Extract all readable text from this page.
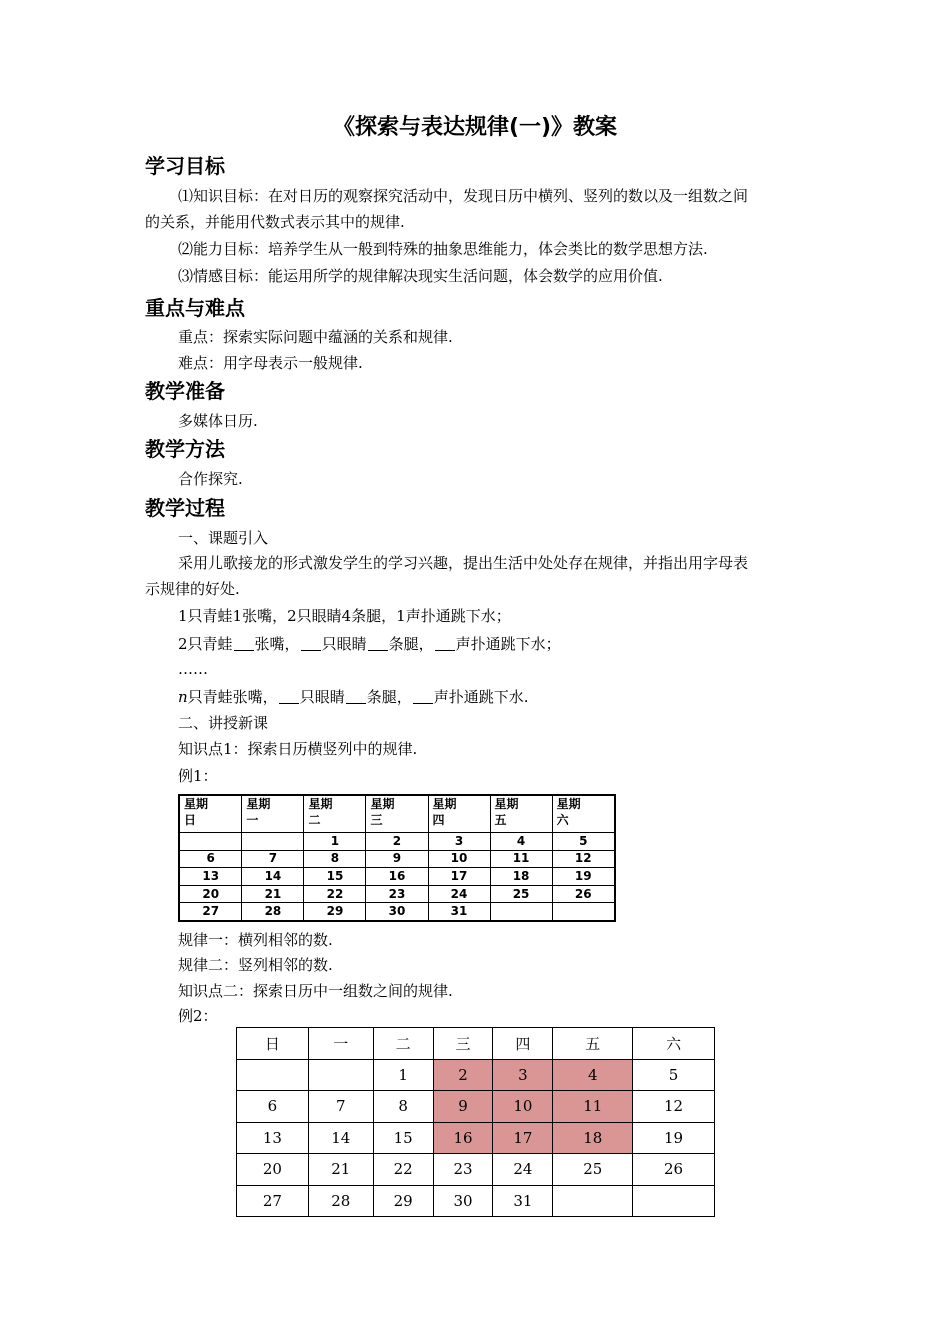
《探索与表达规律(一)》教案
学习目标
⑴知识目标：在对日历的观察探究活动中，发现日历中横列、竖列的数以及一组数之间
的关系，并能用代数式表示其中的规律.
⑵能力目标：培养学生从一般到特殊的抽象思维能力，体会类比的数学思想方法.
⑶情感目标：能运用所学的规律解决现实生活问题，体会数学的应用价值.
重点与难点
重点：探索实际问题中蕴涵的关系和规律.
难点：用字母表示一般规律.
教学准备
多媒体日历.
教学方法
合作探究.
教学过程
一、课题引入
采用儿歌接龙的形式激发学生的学习兴趣，提出生活中处处存在规律，并指出用字母表
示规律的好处.
1只青蛙1张嘴，2只眼睛4条腿，1声扑通跳下水；
2只青蛙 张嘴， 只眼睛 条腿， 声扑通跳下水；
……
n只青蛙张嘴， 只眼睛 条腿， 声扑通跳下水.
二、讲授新课
知识点1：探索日历横竖列中的规律.
例1：
星期日	星期一	星期二	星期三	星期四	星期五	星期六

		1	2	3	4	5
6	7	8	9	10	11	12
13	14	15	16	17	18	19
20	21	22	23	24	25	26
27	28	29	30	31		
规律一：横列相邻的数.
规律二：竖列相邻的数.
知识点二：探索日历中一组数之间的规律.
例2：
日	一	二	三	四	五	六
		1	2	3	4	5
6	7	8	9	10	11	12
13	14	15	16	17	18	19
20	21	22	23	24	25	26
27	28	29	30	31		
